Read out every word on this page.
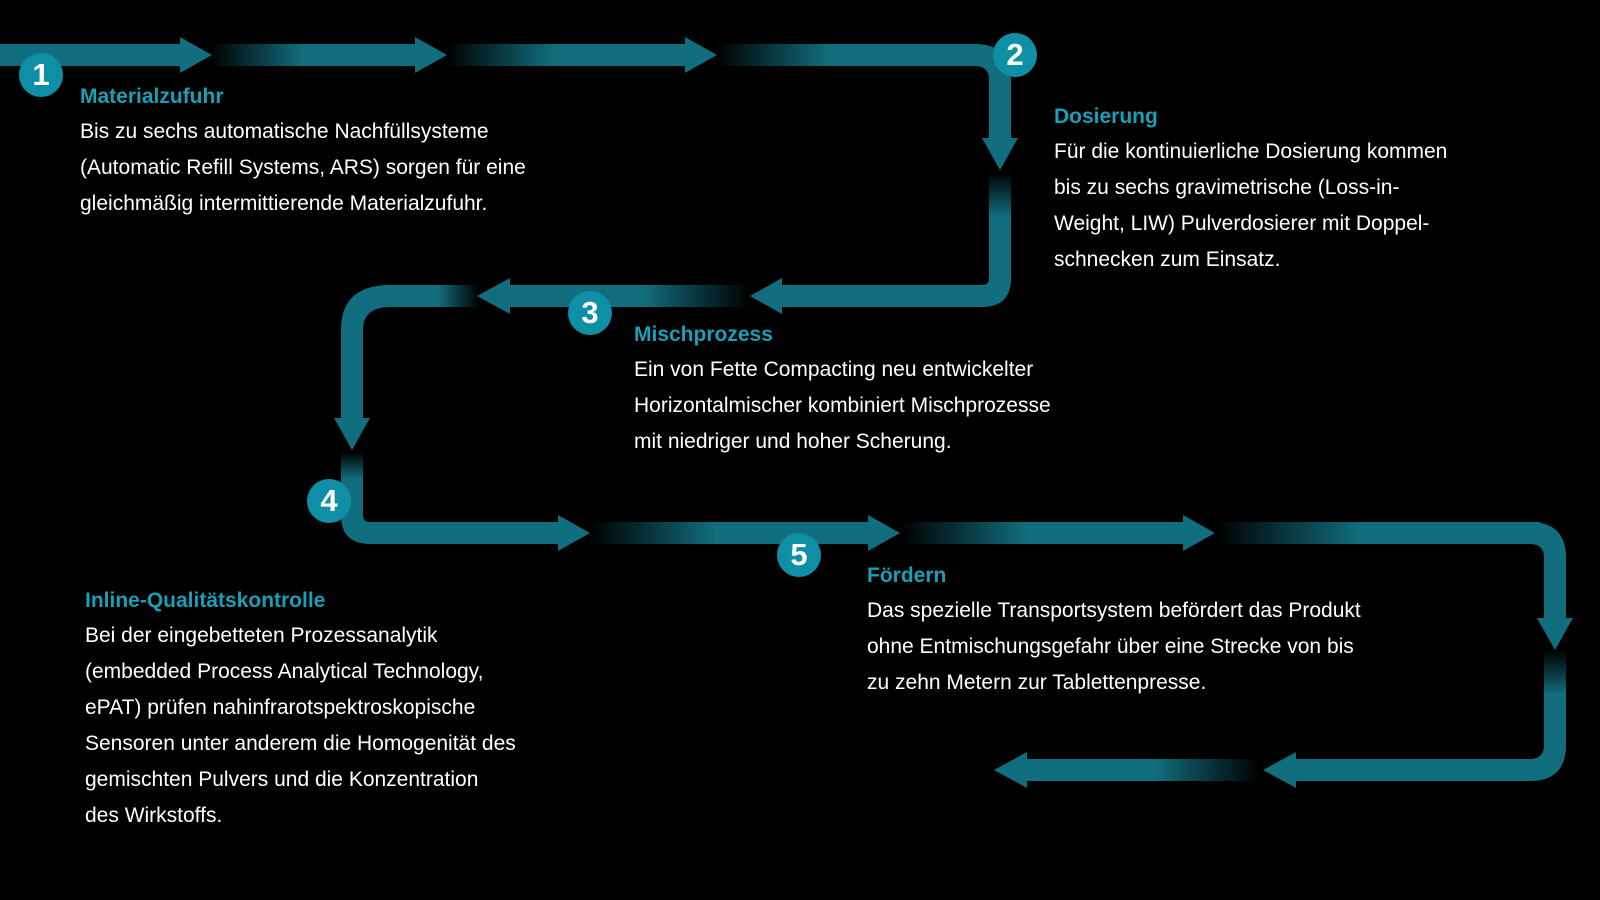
1
2
3
4
5
Materialzufuhr
Bis zu sechs automatische Nachfüllsysteme
(Automatic Refill Systems, ARS) sorgen für eine
gleichmäßig intermittierende Materialzufuhr.
Dosierung
Für die kontinuierliche Dosierung kommen
bis zu sechs gravimetrische (Loss-in-
Weight, LIW) Pulverdosierer mit Doppel-
schnecken zum Einsatz.
Mischprozess
Ein von Fette Compacting neu entwickelter
Horizontalmischer kombiniert Mischprozesse
mit niedriger und hoher Scherung.
Inline-Qualitätskontrolle
Bei der eingebetteten Prozessanalytik
(embedded Process Analytical Technology,
ePAT) prüfen nahinfrarotspektroskopische
Sensoren unter anderem die Homogenität des
gemischten Pulvers und die Konzentration
des Wirkstoffs.
Fördern
Das spezielle Transportsystem befördert das Produkt
ohne Entmischungsgefahr über eine Strecke von bis
zu zehn Metern zur Tablettenpresse.
